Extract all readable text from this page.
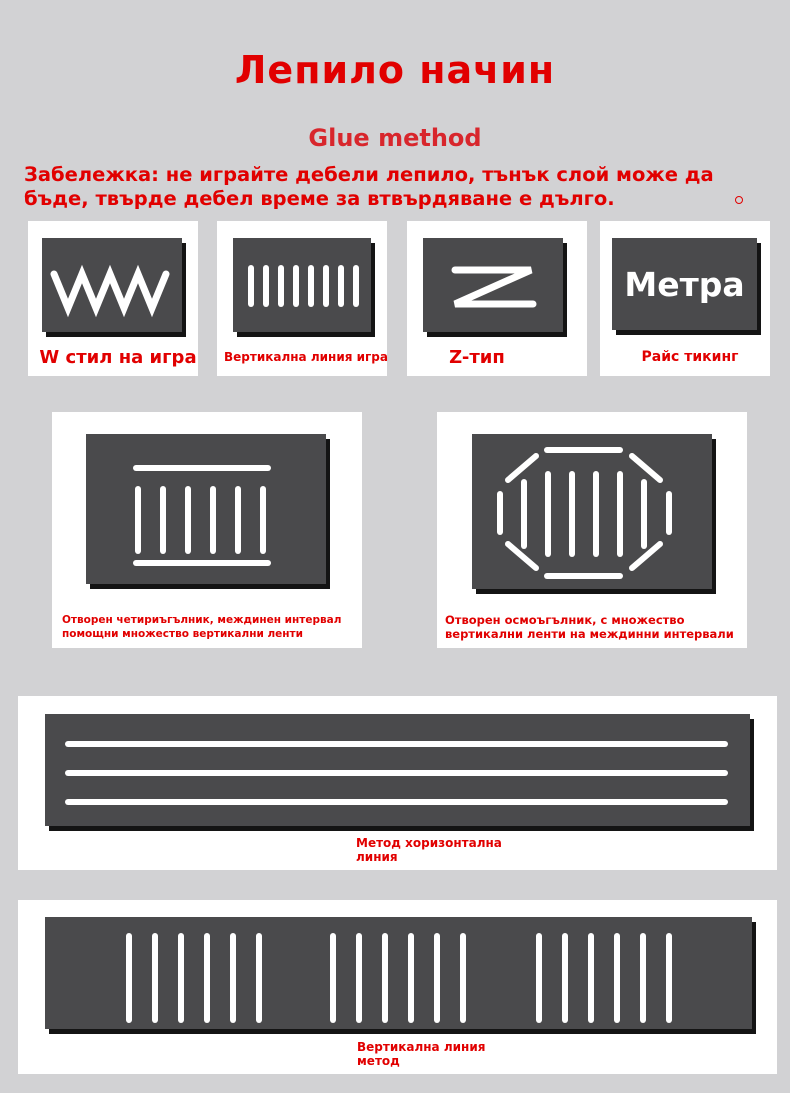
Лепило начин
Glue method
Забележка: не играйте дебели лепило, тънък слой може да бъде, твърде дебел време за втвърдяване е дълго.
W стил на игра	Вертикална линия игра	Z-тип
Метра
Райс тикинг
Отворен четириъгълник, междинен интервал
помощни множество вертикални ленти
Отворен осмоъгълник, с множество
вертикални ленти на междинни интервали
Метод хоризонтална
линия
Вертикална линия
метод
